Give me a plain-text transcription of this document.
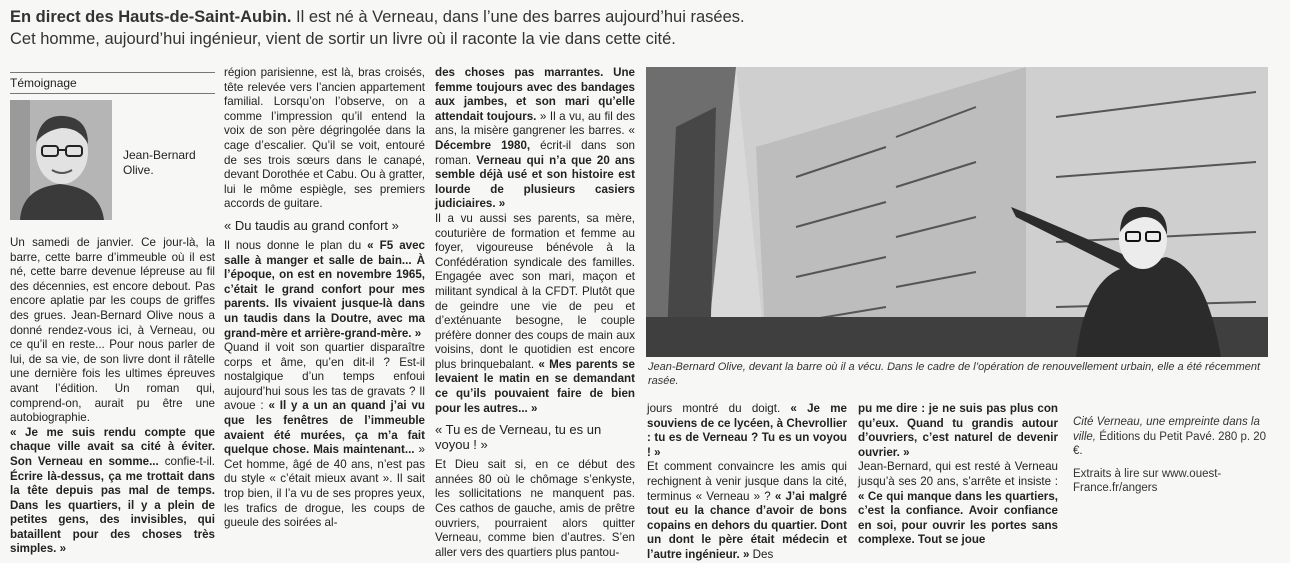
En direct des Hauts-de-Saint-Aubin. Il est né à Verneau, dans l’une des barres aujourd’hui rasées.
Cet homme, aujourd’hui ingénieur, vient de sortir un livre où il raconte la vie dans cette cité.
Témoignage
Jean-Bernard Olive.

Un samedi de janvier. Ce jour-là, la barre, cette barre d’immeuble où il est né, cette barre devenue lépreuse au fil des décennies, est encore debout. Pas encore aplatie par les coups de griffes des grues. Jean-Bernard Olive nous a donné rendez-vous ici, à Verneau, ou ce qu’il en reste... Pour nous parler de lui, de sa vie, de son livre dont il râtelle une dernière fois les ultimes épreuves avant l’édition. Un roman qui, comprend-on, aurait pu être une autobiographie.

« Je me suis rendu compte que chaque ville avait sa cité à éviter. Son Verneau en somme... confie-t-il. Écrire là-dessus, ça me trottait dans la tête depuis pas mal de temps. Dans les quartiers, il y a plein de petites gens, des invisibles, qui bataillent pour des choses très simples. »

région parisienne, est là, bras croisés, tête relevée vers l’ancien appartement familial. Lorsqu’on l’observe, on a comme l’impression qu’il entend la voix de son père dégringolée dans la cage d’escalier. Qu’il se voit, entouré de ses trois sœurs dans le canapé, devant Dorothée et Cabu. Ou à gratter, lui le môme espiègle, ses premiers accords de guitare.

« Du taudis au grand confort »

Il nous donne le plan du « F5 avec salle à manger et salle de bain... À l’époque, on est en novembre 1965, c’était le grand confort pour mes parents. Ils vivaient jusque-là dans un taudis dans la Doutre, avec ma grand-mère et arrière-grand-mère. »

Quand il voit son quartier disparaître corps et âme, qu’en dit-il ? Est-il nostalgique d’un temps enfoui aujourd’hui sous les tas de gravats ? Il avoue : « Il y a un an quand j’ai vu que les fenêtres de l’immeuble avaient été murées, ça m’a fait quelque chose. Mais maintenant... » Cet homme, âgé de 40 ans, n’est pas du style « c’était mieux avant ». Il sait trop bien, il l’a vu de ses propres yeux, les trafics de drogue, les coups de gueule des soirées al-

des choses pas marrantes. Une femme toujours avec des bandages aux jambes, et son mari qu’elle attendait toujours. » Il a vu, au fil des ans, la misère gangrener les barres. « Décembre 1980, écrit-il dans son roman. Verneau qui n’a que 20 ans semble déjà usé et son histoire est lourde de plusieurs casiers judiciaires. »

Il a vu aussi ses parents, sa mère, couturière de formation et femme au foyer, vigoureuse bénévole à la Confédération syndicale des familles. Engagée avec son mari, maçon et militant syndical à la CFDT. Plutôt que de geindre une vie de peu et d’exténuante besogne, le couple préfère donner des coups de main aux voisins, dont le quotidien est encore plus brinquebalant. « Mes parents se levaient le matin en se demandant ce qu’ils pouvaient faire de bien pour les autres... »

« Tu es de Verneau, tu es un voyou ! »

Et Dieu sait si, en ce début des années 80 où le chômage s’enkyste, les sollicitations ne manquent pas. Ces cathos de gauche, amis de prêtre ouvriers, pourraient alors quitter Verneau, comme bien d’autres. S’en aller vers des quartiers plus pantou-

Jean-Bernard Olive, devant la barre où il a vécu. Dans le cadre de l’opération de renouvellement urbain, elle a été récemment rasée.

jours montré du doigt. « Je me souviens de ce lycéen, à Chevrollier : tu es de Verneau ? Tu es un voyou ! »

Et comment convaincre les amis qui rechignent à venir jusque dans la cité, terminus « Verneau » ? « J’ai malgré tout eu la chance d’avoir de bons copains en dehors du quartier. Dont un dont le père était médecin et l’autre ingénieur. » Des

pu me dire : je ne suis pas plus con qu’eux. Quand tu grandis autour d’ouvriers, c’est naturel de devenir ouvrier. »

Jean-Bernard, qui est resté à Verneau jusqu’à ses 20 ans, s’arrête et insiste : « Ce qui manque dans les quartiers, c’est la confiance. Avoir confiance en soi, pour ouvrir les portes sans complexe. Tout se joue

Cité Verneau, une empreinte dans la ville, Éditions du Petit Pavé. 280 p. 20 €.
Extraits à lire sur www.ouest-France.fr/angers
